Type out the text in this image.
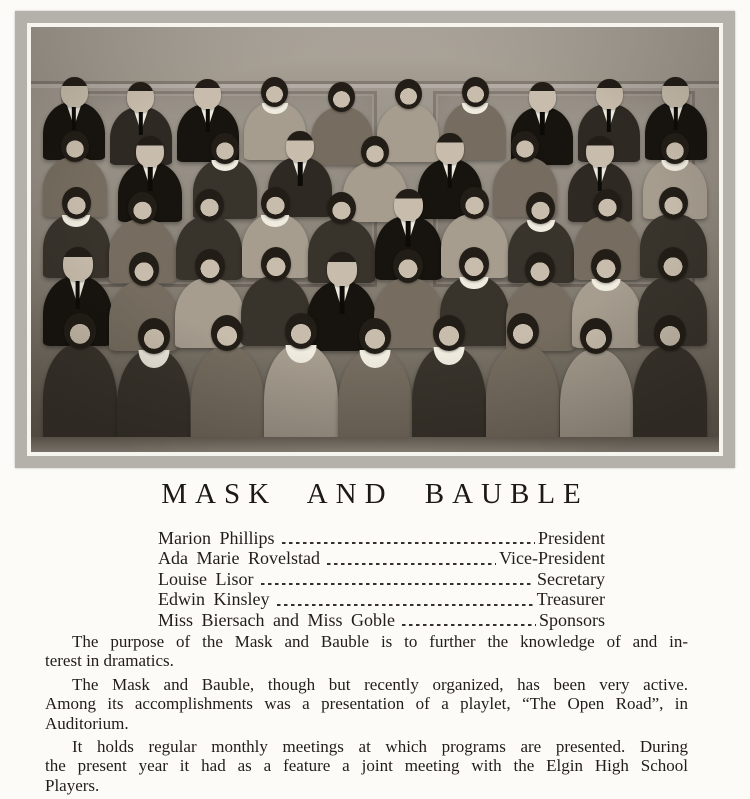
MASK AND BAUBLE
Marion Phillips	President
Ada Marie Rovelstad	Vice-President
Louise Lisor	Secretary
Edwin Kinsley	Treasurer
Miss Biersach and Miss Goble	Sponsors

The purpose of the Mask and Bauble is to further the knowledge of and in-
terest in dramatics.

The Mask and Bauble, though but recently organized, has been very active.
Among its accomplishments was a presentation of a playlet, “The Open Road”, in
Auditorium.

It holds regular monthly meetings at which programs are presented. During
the present year it had as a feature a joint meeting with the Elgin High School
Players.
